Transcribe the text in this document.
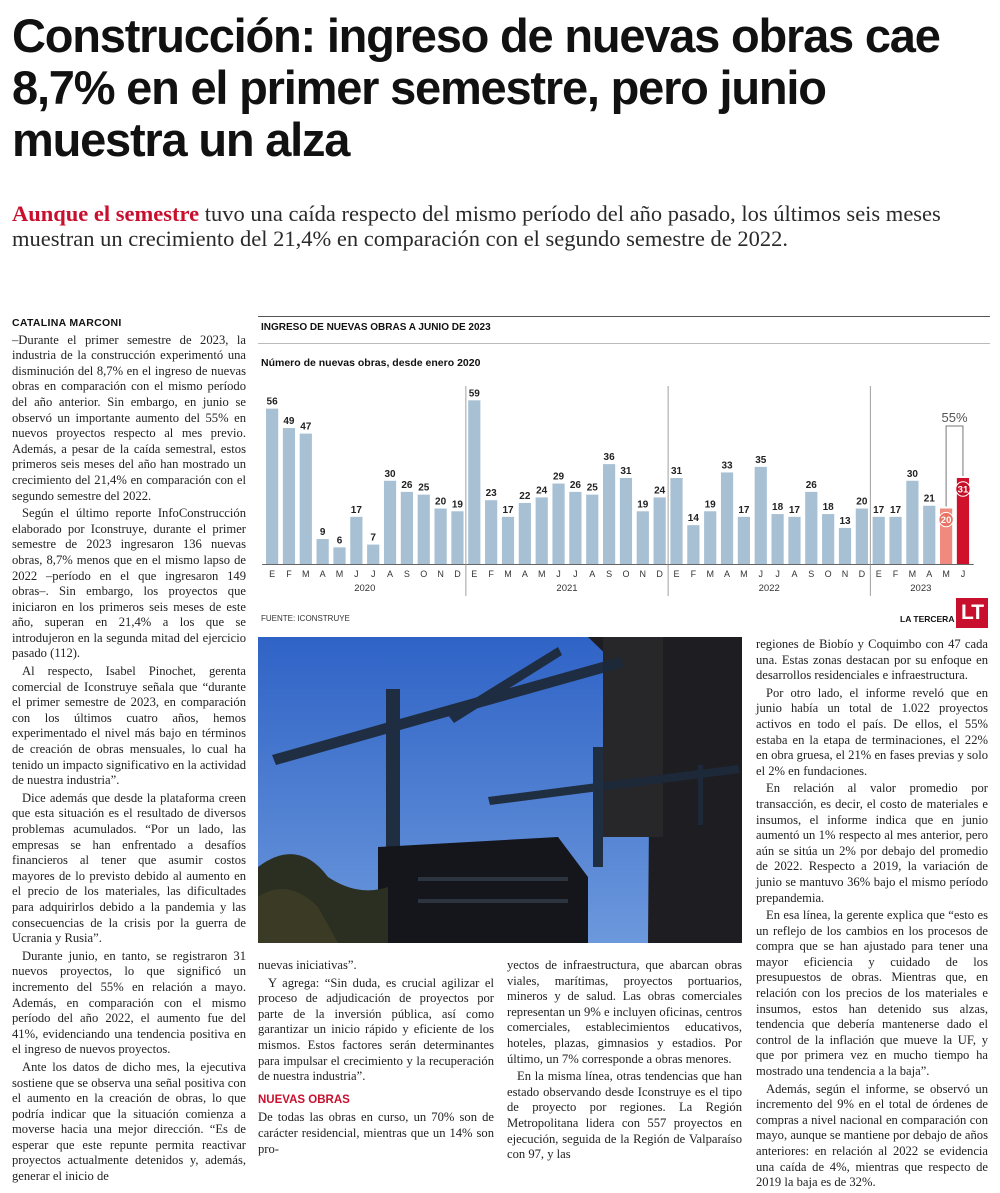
Construcción: ingreso de nuevas obras cae 8,7% en el primer semestre, pero junio muestra un alza
Aunque el semestre tuvo una caída respecto del mismo período del año pasado, los últimos seis meses muestran un crecimiento del 21,4% en comparación con el segundo semestre de 2022.
CATALINA MARCONI

–Durante el primer semestre de 2023, la industria de la construcción experimentó una disminución del 8,7% en el ingreso de nuevas obras en comparación con el mismo período del año anterior. Sin embargo, en junio se observó un importante aumento del 55% en nuevos proyectos respecto al mes previo. Además, a pesar de la caída semestral, estos primeros seis meses del año han mostrado un crecimiento del 21,4% en comparación con el segundo semestre del 2022.

Según el último reporte InfoConstrucción elaborado por Iconstruye, durante el primer semestre de 2023 ingresaron 136 nuevas obras, 8,7% menos que en el mismo lapso de 2022 –período en el que ingresaron 149 obras–. Sin embargo, los proyectos que iniciaron en los primeros seis meses de este año, superan en 21,4% a los que se introdujeron en la segunda mitad del ejercicio pasado (112).

Al respecto, Isabel Pinochet, gerenta comercial de Iconstruye señala que “durante el primer semestre de 2023, en comparación con los últimos cuatro años, hemos experimentado el nivel más bajo en términos de creación de obras mensuales, lo cual ha tenido un impacto significativo en la actividad de nuestra industria”.

Dice además que desde la plataforma creen que esta situación es el resultado de diversos problemas acumulados. “Por un lado, las empresas se han enfrentado a desafíos financieros al tener que asumir costos mayores de lo previsto debido al aumento en el precio de los materiales, las dificultades para adquirirlos debido a la pandemia y las consecuencias de la crisis por la guerra de Ucrania y Rusia”.

Durante junio, en tanto, se registraron 31 nuevos proyectos, lo que significó un incremento del 55% en relación a mayo. Además, en comparación con el mismo período del año 2022, el aumento fue del 41%, evidenciando una tendencia positiva en el ingreso de nuevos proyectos.

Ante los datos de dicho mes, la ejecutiva sostiene que se observa una señal positiva con el aumento en la creación de obras, lo que podría indicar que la situación comienza a moverse hacia una mejor dirección. “Es de esperar que este repunte permita reactivar proyectos actualmente detenidos y, además, generar el inicio de

INGRESO DE NUEVAS OBRAS A JUNIO DE 2023
Número de nuevas obras, desde enero 2020
56
E
49
F
47
M
9
A
6
M
17
J
7
J
30
A
26
S
25
O
20
N
19
D
59
E
23
F
17
M
22
A
24
M
29
J
26
J
25
A
36
S
31
O
19
N
24
D
31
E
14
F
19
M
33
A
17
M
35
J
18
J
17
A
26
S
18
O
13
N
20
D
17
E
17
F
30
M
21
A
20
M
31
J
2020	2021	2022	2023
55%
FUENTE: ICONSTRUYE	LA TERCERA LT

nuevas iniciativas”.

Y agrega: “Sin duda, es crucial agilizar el proceso de adjudicación de proyectos por parte de la inversión pública, así como garantizar un inicio rápido y eficiente de los mismos. Estos factores serán determinantes para impulsar el crecimiento y la recuperación de nuestra industria”.

NUEVAS OBRAS

De todas las obras en curso, un 70% son de carácter residencial, mientras que un 14% son pro-

yectos de infraestructura, que abarcan obras viales, marítimas, proyectos portuarios, mineros y de salud. Las obras comerciales representan un 9% e incluyen oficinas, centros comerciales, establecimientos educativos, hoteles, plazas, gimnasios y estadios. Por último, un 7% corresponde a obras menores.

En la misma línea, otras tendencias que han estado observando desde Iconstruye es el tipo de proyecto por regiones. La Región Metropolitana lidera con 557 proyectos en ejecución, seguida de la Región de Valparaíso con 97, y las

regiones de Biobío y Coquimbo con 47 cada una. Estas zonas destacan por su enfoque en desarrollos residenciales e infraestructura.

Por otro lado, el informe reveló que en junio había un total de 1.022 proyectos activos en todo el país. De ellos, el 55% estaba en la etapa de terminaciones, el 22% en obra gruesa, el 21% en fases previas y solo el 2% en fundaciones.

En relación al valor promedio por transacción, es decir, el costo de materiales e insumos, el informe indica que en junio aumentó un 1% respecto al mes anterior, pero aún se sitúa un 2% por debajo del promedio de 2022. Respecto a 2019, la variación de junio se mantuvo 36% bajo el mismo período prepandemia.

En esa línea, la gerente explica que “esto es un reflejo de los cambios en los procesos de compra que se han ajustado para tener una mayor eficiencia y cuidado de los presupuestos de obras. Mientras que, en relación con los precios de los materiales e insumos, estos han detenido sus alzas, tendencia que debería mantenerse dado el control de la inflación que mueve la UF, y que por primera vez en mucho tiempo ha mostrado una tendencia a la baja”.

Además, según el informe, se observó un incremento del 9% en el total de órdenes de compras a nivel nacional en comparación con mayo, aunque se mantiene por debajo de años anteriores: en relación al 2022 se evidencia una caída de 4%, mientras que respecto de 2019 la baja es de 32%.
